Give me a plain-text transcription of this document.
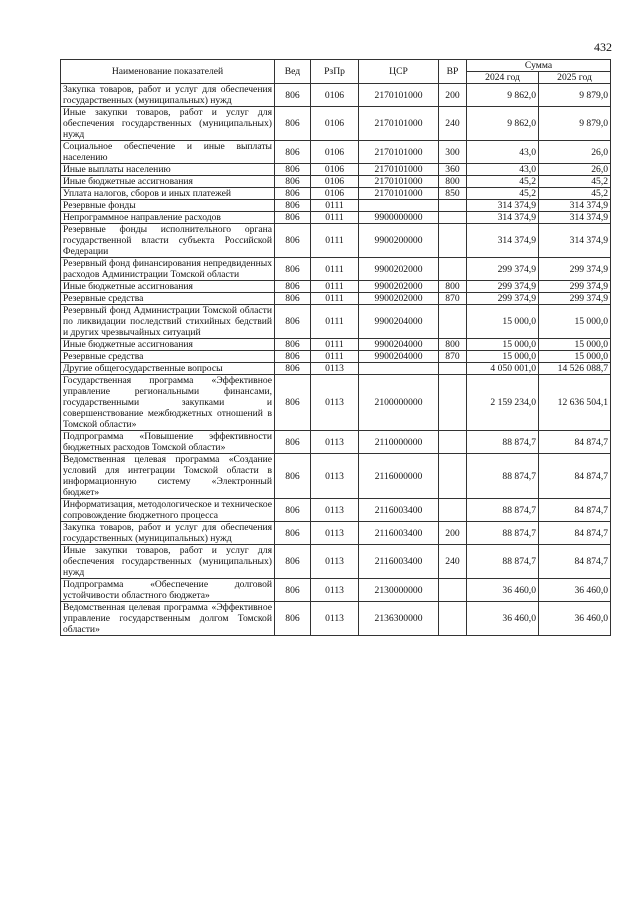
432
Наименование показателей	Вед	РзПр	ЦСР	ВР	Сумма	
					2024 год	2025 год
Закупка товаров, работ и услуг для обеспечения государственных (муниципальных) нужд	806	0106	2170101000	200	9 862,0	9 879,0
Иные закупки товаров, работ и услуг для обеспечения государственных (муниципальных) нужд	806	0106	2170101000	240	9 862,0	9 879,0
Социальное обеспечение и иные выплаты населению	806	0106	2170101000	300	43,0	26,0
Иные выплаты населению	806	0106	2170101000	360	43,0	26,0
Иные бюджетные ассигнования	806	0106	2170101000	800	45,2	45,2
Уплата налогов, сборов и иных платежей	806	0106	2170101000	850	45,2	45,2
Резервные фонды	806	0111			314 374,9	314 374,9
Непрограммное направление расходов	806	0111	9900000000		314 374,9	314 374,9
Резервные фонды исполнительного органа государственной власти субъекта Российской Федерации	806	0111	9900200000		314 374,9	314 374,9
Резервный фонд финансирования непредвиденных расходов Администрации Томской области	806	0111	9900202000		299 374,9	299 374,9
Иные бюджетные ассигнования	806	0111	9900202000	800	299 374,9	299 374,9
Резервные средства	806	0111	9900202000	870	299 374,9	299 374,9
Резервный фонд Администрации Томской области по ликвидации последствий стихийных бедствий и других чрезвычайных ситуаций	806	0111	9900204000		15 000,0	15 000,0
Иные бюджетные ассигнования	806	0111	9900204000	800	15 000,0	15 000,0
Резервные средства	806	0111	9900204000	870	15 000,0	15 000,0
Другие общегосударственные вопросы	806	0113			4 050 001,0	14 526 088,7
Государственная программа «Эффективное управление региональными финансами, государственными закупками и совершенствование межбюджетных отношений в Томской области»	806	0113	2100000000		2 159 234,0	12 636 504,1
Подпрограмма «Повышение эффективности бюджетных расходов Томской области»	806	0113	2110000000		88 874,7	84 874,7
Ведомственная целевая программа «Создание условий для интеграции Томской области в информационную систему «Электронный бюджет»	806	0113	2116000000		88 874,7	84 874,7
Информатизация, методологическое и техническое сопровождение бюджетного процесса	806	0113	2116003400		88 874,7	84 874,7
Закупка товаров, работ и услуг для обеспечения государственных (муниципальных) нужд	806	0113	2116003400	200	88 874,7	84 874,7
Иные закупки товаров, работ и услуг для обеспечения государственных (муниципальных) нужд	806	0113	2116003400	240	88 874,7	84 874,7
Подпрограмма «Обеспечение долговой устойчивости областного бюджета»	806	0113	2130000000		36 460,0	36 460,0
Ведомственная целевая программа «Эффективное управление государственным долгом Томской области»	806	0113	2136300000		36 460,0	36 460,0
